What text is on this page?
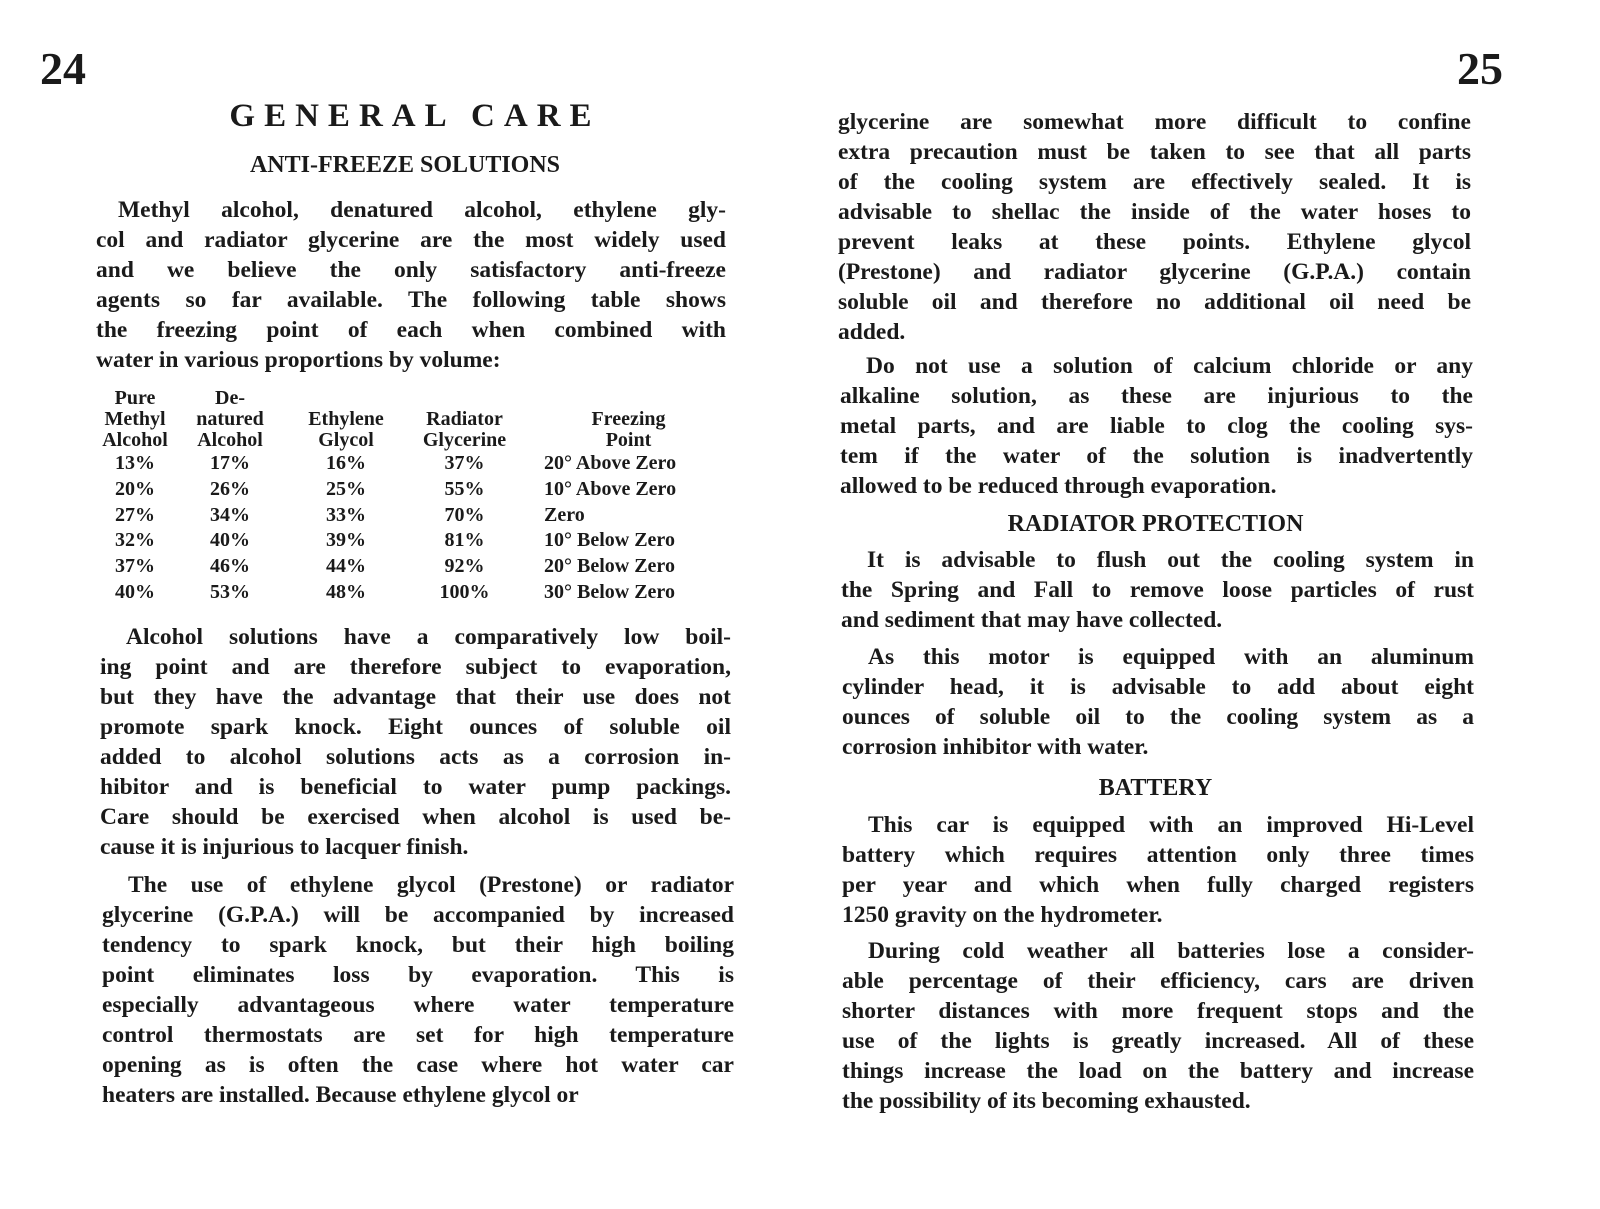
24	25
GENERAL CARE
ANTI-FREEZE SOLUTIONS
Methyl alcohol, denatured alcohol, ethylene gly-
col and radiator glycerine are the most widely used
and we believe the only satisfactory anti-freeze
agents so far available. The following table shows
the freezing point of each when combined with
water in various proportions by volume:
Pure	De-

Methyl	natured	Ethylene	Radiator	Freezing
Alcohol	Alcohol	Glycol	Glycerine	Point
13%	17%	16%	37%	20° Above Zero
20%	26%	25%	55%	10° Above Zero
27%	34%	33%	70%	Zero
32%	40%	39%	81%	10° Below Zero
37%	46%	44%	92%	20° Below Zero
40%	53%	48%	100%	30° Below Zero
Alcohol solutions have a comparatively low boil-
ing point and are therefore subject to evaporation,
but they have the advantage that their use does not
promote spark knock. Eight ounces of soluble oil
added to alcohol solutions acts as a corrosion in-
hibitor and is beneficial to water pump packings.
Care should be exercised when alcohol is used be-
cause it is injurious to lacquer finish.
The use of ethylene glycol (Prestone) or radiator
glycerine (G.P.A.) will be accompanied by increased
tendency to spark knock, but their high boiling
point eliminates loss by evaporation. This is
especially advantageous where water temperature
control thermostats are set for high temperature
opening as is often the case where hot water car
heaters are installed. Because ethylene glycol or
glycerine are somewhat more difficult to confine
extra precaution must be taken to see that all parts
of the cooling system are effectively sealed. It is
advisable to shellac the inside of the water hoses to
prevent leaks at these points. Ethylene glycol
(Prestone) and radiator glycerine (G.P.A.) contain
soluble oil and therefore no additional oil need be
added.
Do not use a solution of calcium chloride or any
alkaline solution, as these are injurious to the
metal parts, and are liable to clog the cooling sys-
tem if the water of the solution is inadvertently
allowed to be reduced through evaporation.
RADIATOR PROTECTION
It is advisable to flush out the cooling system in
the Spring and Fall to remove loose particles of rust
and sediment that may have collected.
As this motor is equipped with an aluminum
cylinder head, it is advisable to add about eight
ounces of soluble oil to the cooling system as a
corrosion inhibitor with water.
BATTERY
This car is equipped with an improved Hi-Level
battery which requires attention only three times
per year and which when fully charged registers
1250 gravity on the hydrometer.
During cold weather all batteries lose a consider-
able percentage of their efficiency, cars are driven
shorter distances with more frequent stops and the
use of the lights is greatly increased. All of these
things increase the load on the battery and increase
the possibility of its becoming exhausted.
